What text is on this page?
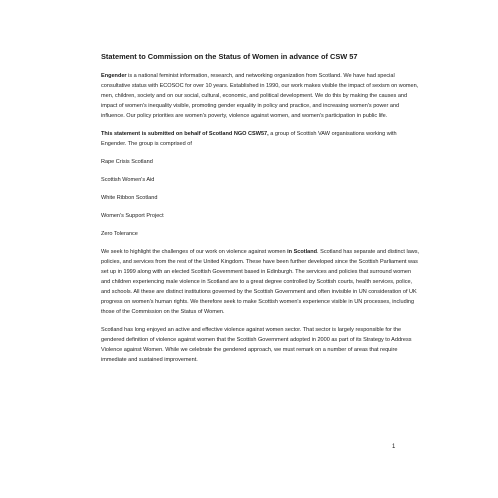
Statement to Commission on the Status of Women in advance of CSW 57

Engender is a national feminist information, research, and networking organization from Scotland. We have had special consultative status with ECOSOC for over 10 years. Established in 1990, our work makes visible the impact of sexism on women, men, children, society and on our social, cultural, economic, and political development. We do this by making the causes and impact of women's inequality visible, promoting gender equality in policy and practice, and increasing women's power and influence. Our policy priorities are women's poverty, violence against women, and women's participation in public life.

This statement is submitted on behalf of Scotland NGO CSW57, a group of Scottish VAW organisations working with Engender. The group is comprised of

Rape Crisis Scotland

Scottish Women's Aid

White Ribbon Scotland

Women's Support Project

Zero Tolerance

We seek to highlight the challenges of our work on violence against women in Scotland. Scotland has separate and distinct laws, policies, and services from the rest of the United Kingdom. These have been further developed since the Scottish Parliament was set up in 1999 along with an elected Scottish Government based in Edinburgh. The services and policies that surround women and children experiencing male violence in Scotland are to a great degree controlled by Scottish courts, health services, police, and schools. All these are distinct institutions governed by the Scottish Government and often invisible in UN consideration of UK progress on women's human rights. We therefore seek to make Scottish women's experience visible in UN processes, including those of the Commission on the Status of Women.

Scotland has long enjoyed an active and effective violence against women sector. That sector is largely responsible for the gendered definition of violence against women that the Scottish Government adopted in 2000 as part of its Strategy to Address Violence against Women. While we celebrate the gendered approach, we must remark on a number of areas that require immediate and sustained improvement.

1
